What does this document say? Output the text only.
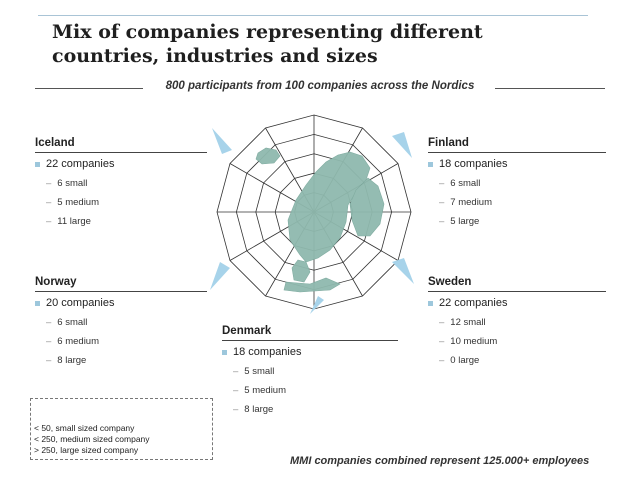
Mix of companies representing different
countries, industries and sizes
800 participants from 100 companies across the Nordics
Iceland
22 companies
– 6 small
– 5 medium
– 11 large
Finland
18 companies
– 6 small
– 7 medium
– 5 large
Norway
20 companies
– 6 small
– 6 medium
– 8 large
Sweden
22 companies
– 12 small
– 10 medium
– 0 large
Denmark
18 companies
– 5 small
– 5 medium
– 8 large
< 50, small sized company
< 250, medium sized company
> 250, large sized company
MMI companies combined represent 125.000+ employees
